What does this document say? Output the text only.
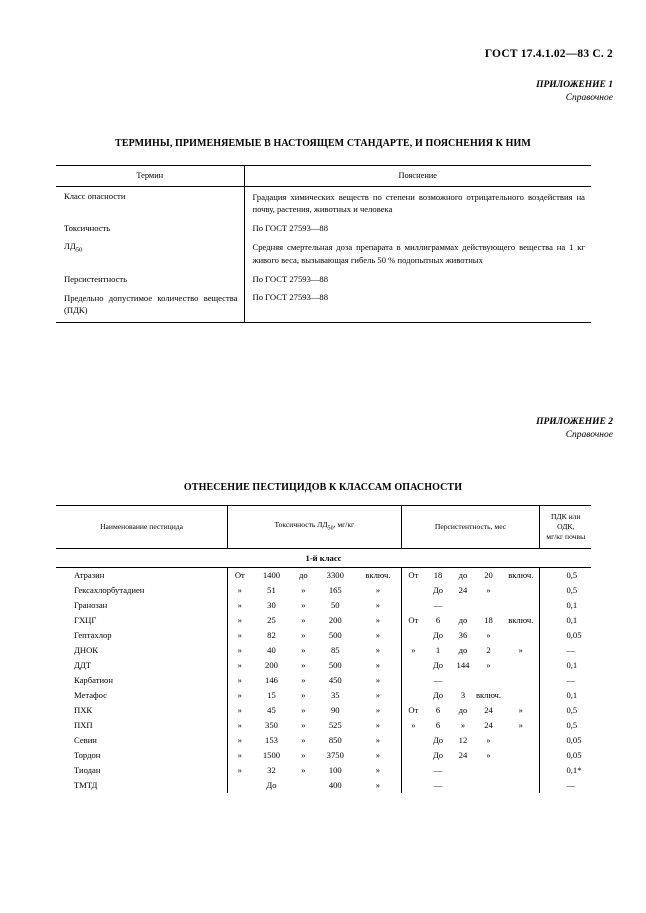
ГОСТ 17.4.1.02—83 С. 2
ПРИЛОЖЕНИЕ 1
Справочное
ТЕРМИНЫ, ПРИМЕНЯЕМЫЕ В НАСТОЯЩЕМ СТАНДАРТЕ, И ПОЯСНЕНИЯ К НИМ
Термин	Пояснение
Класс опасности	Градация химических веществ по степени возможного отрицательного воздействия на почву, растения, животных и человека
Токсичность	По ГОСТ 27593—88
$ЛД_{50}$	Средняя смертельная доза препарата в миллиграммах действующего вещества на 1 кг живого веса, вызывающая гибель 50 % подопытных животных
Персистентность	По ГОСТ 27593—88
Предельно допустимое количество вещества (ПДК)	По ГОСТ 27593—88

ПРИЛОЖЕНИЕ 2
Справочное
ОТНЕСЕНИЕ ПЕСТИЦИДОВ К КЛАССАМ ОПАСНОСТИ
Наименование пестицида	Токсичность $ЛД_{50}$, мг/кг					Персистентность, мес					ПДК или ОДК,
мг/кг почвы
1-й класс											
Атразин	От	1400	до	3300	включ.	От	18	до	20	включ.	0,5
Гексахлорбутадиен	»	51	»	165	»		До	24	»		0,5
Гранозан	»	30	»	50	»		—				0,1
ГХЦГ	»	25	»	200	»	От	6	до	18	включ.	0,1
Гептахлор	»	82	»	500	»		До	36	»		0,05
ДНОК	»	40	»	85	»	»	1	до	2	»	—
ДДТ	»	200	»	500	»		До	144	»		0,1
Карбатион	»	146	»	450	»		—				—
Метафос	»	15	»	35	»		До	3	включ.		0,1
ПХК	»	45	»	90	»	От	6	до	24	»	0,5
ПХП	»	350	»	525	»	»	6	»	24	»	0,5
Севин	»	153	»	850	»		До	12	»		0,05
Тордон	»	1500	»	3750	»		До	24	»		0,05
Тиодан	»	32	»	100	»		—				0,1*
ТМТД		До		400	»		—				—
